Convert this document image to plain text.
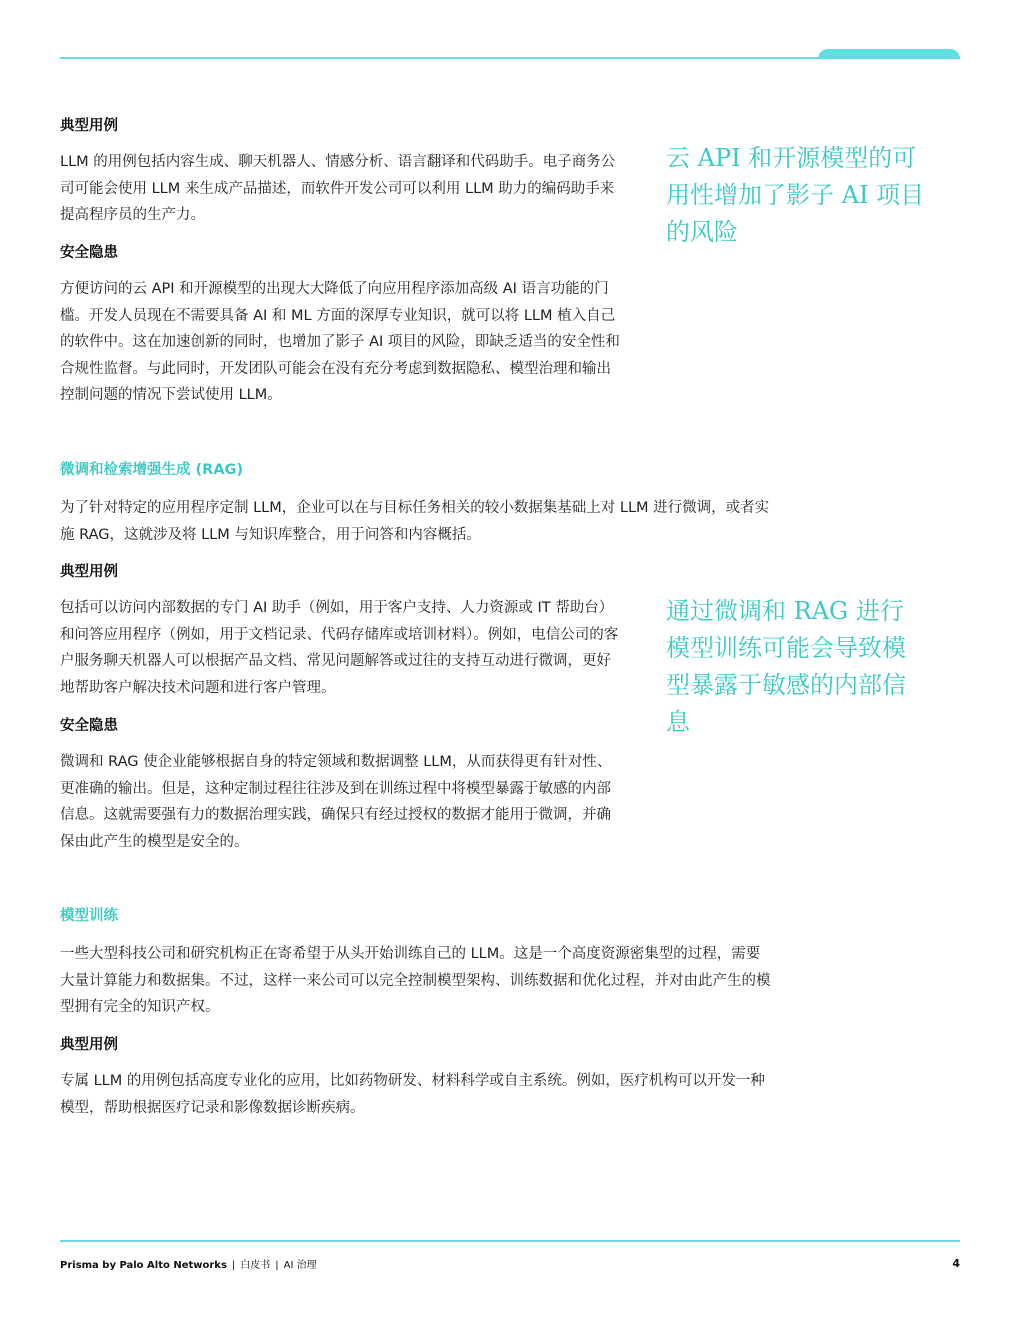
典型用例

LLM 的用例包括内容生成、聊天机器人、情感分析、语言翻译和代码助手。电子商务公司可能会使用 LLM 来生成产品描述，而软件开发公司可以利用 LLM 助力的编码助手来提高程序员的生产力。

安全隐患

方便访问的云 API 和开源模型的出现大大降低了向应用程序添加高级 AI 语言功能的门槛。开发人员现在不需要具备 AI 和 ML 方面的深厚专业知识，就可以将 LLM 植入自己的软件中。这在加速创新的同时，也增加了影子 AI 项目的风险，即缺乏适当的安全性和合规性监督。与此同时，开发团队可能会在没有充分考虑到数据隐私、模型治理和输出控制问题的情况下尝试使用 LLM。

云 API 和开源模型的可用性增加了影子 AI 项目的风险

微调和检索增强生成 (RAG)

为了针对特定的应用程序定制 LLM，企业可以在与目标任务相关的较小数据集基础上对 LLM 进行微调，或者实施 RAG，这就涉及将 LLM 与知识库整合，用于问答和内容概括。

典型用例

包括可以访问内部数据的专门 AI 助手（例如，用于客户支持、人力资源或 IT 帮助台）和问答应用程序（例如，用于文档记录、代码存储库或培训材料）。例如，电信公司的客户服务聊天机器人可以根据产品文档、常见问题解答或过往的支持互动进行微调，更好地帮助客户解决技术问题和进行客户管理。

安全隐患

微调和 RAG 使企业能够根据自身的特定领域和数据调整 LLM，从而获得更有针对性、更准确的输出。但是，这种定制过程往往涉及到在训练过程中将模型暴露于敏感的内部信息。这就需要强有力的数据治理实践，确保只有经过授权的数据才能用于微调，并确保由此产生的模型是安全的。

通过微调和 RAG 进行模型训练可能会导致模型暴露于敏感的内部信息

模型训练

一些大型科技公司和研究机构正在寄希望于从头开始训练自己的 LLM。这是一个高度资源密集型的过程，需要大量计算能力和数据集。不过，这样一来公司可以完全控制模型架构、训练数据和优化过程，并对由此产生的模型拥有完全的知识产权。

典型用例

专属 LLM 的用例包括高度专业化的应用，比如药物研发、材料科学或自主系统。例如，医疗机构可以开发一种模型，帮助根据医疗记录和影像数据诊断疾病。

Prisma by Palo Alto Networks | 白皮书 | AI 治理	4
